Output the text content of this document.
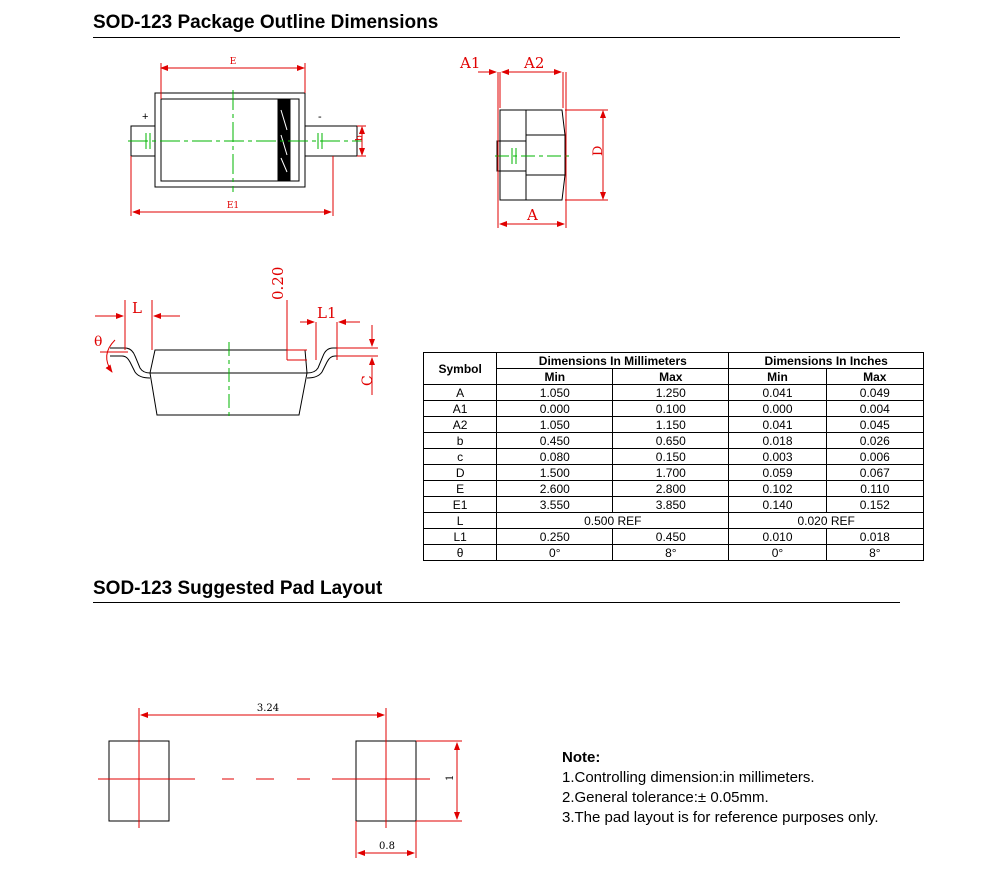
SOD-123 Package Outline Dimensions
E
E1
b
+	-
A1	A2
A
D
L	L1
0.20
C
θ
3.24
0.8
1
Symbol	Dimensions In Millimeters		Dimensions In Inches	
	Min	Max	Min	Max
A	1.050	1.250	0.041	0.049
A1	0.000	0.100	0.000	0.004
A2	1.050	1.150	0.041	0.045
b	0.450	0.650	0.018	0.026
c	0.080	0.150	0.003	0.006
D	1.500	1.700	0.059	0.067
E	2.600	2.800	0.102	0.110
E1	3.550	3.850	0.140	0.152
L	0.500 REF		0.020 REF	
L1	0.250	0.450	0.010	0.018
θ	0°	8°	0°	8°
SOD-123 Suggested Pad Layout
Note:
1.Controlling dimension:in millimeters.
2.General tolerance:± 0.05mm.
3.The pad layout is for reference purposes only.
